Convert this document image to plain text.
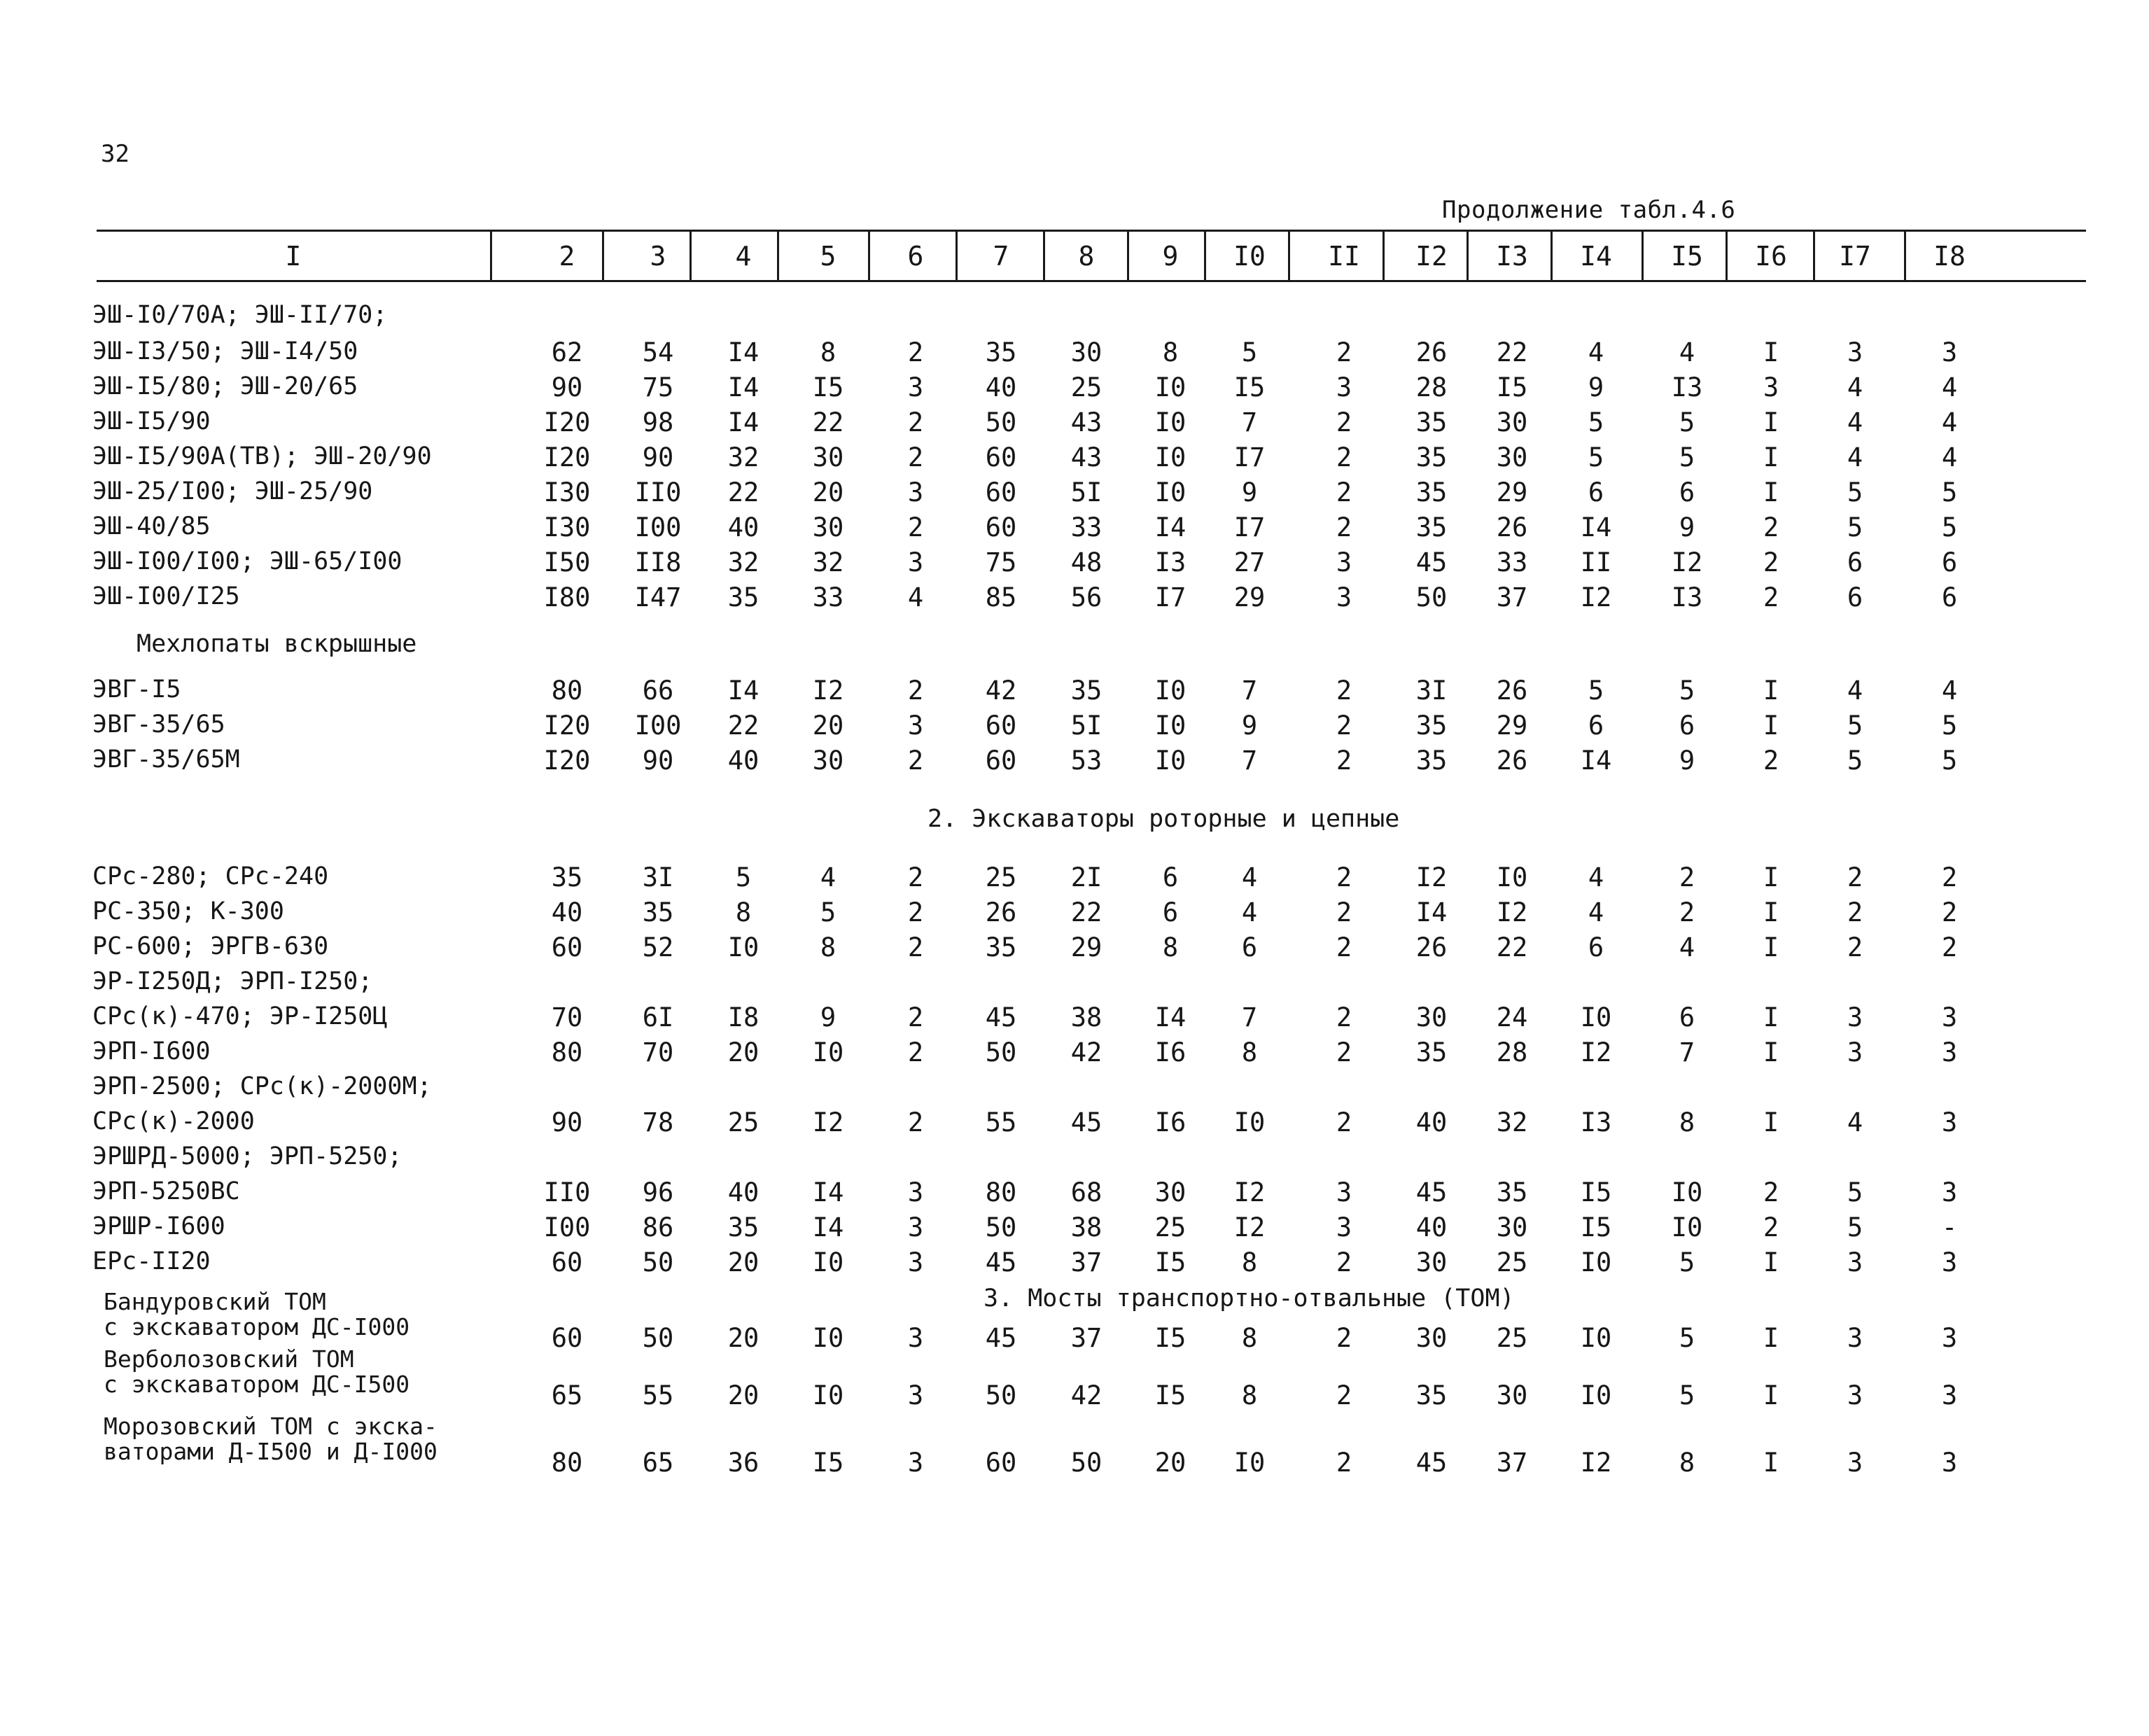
32
Продолжение табл.4.6
I	2	3	4	5	6	7	8	9	I0	II	I2	I3	I4	I5	I6	I7	I8
ЭШ-I0/70А; ЭШ-II/70;
ЭШ-I3/50; ЭШ-I4/50	62 54 I4 8	2 35 30 8 5	2 26 22 4	4	I	3	3
ЭШ-I5/80; ЭШ-20/65	90 75 I4 I5 3 40 25 I0 I5	3 28 I5 9	I3 3	4	4
ЭШ-I5/90	I20 98 I4 22 2 50 43 I0 7	2 35 30 5	5	I	4	4
ЭШ-I5/90А(ТВ); ЭШ-20/90	I20 90 32 30 2 60 43 I0 I7	2 35 30 5	5	I	4	4
ЭШ-25/I00; ЭШ-25/90	I30 II0 22 20 3 60 5I I0 9	2 35 29 6	6	I	5	5
ЭШ-40/85	I30 I00 40 30 2 60 33 I4 I7	2 35 26 I4	9	2	5	5
ЭШ-I00/I00; ЭШ-65/I00	I50 II8 32 32 3 75 48 I3 27	3 45 33 II I2 2	6	6
ЭШ-I00/I25	I80 I47 35 33 4 85 56 I7 29	3 50 37 I2 I3 2	6	6
Мехлопаты вскрышные
ЭВГ-I5	80 66 I4 I2 2 42 35 I0 7	2 3I 26 5	5	I	4	4
ЭВГ-35/65	I20 I00 22 20 3 60 5I I0 9	2 35 29 6	6	I	5	5
ЭВГ-35/65М	I20 90 40 30 2 60 53 I0 7	2 35 26 I4	9	2	5	5
2. Экскаваторы роторные и цепные
СРс-280; СРс-240	35 3I 5	4	2 25 2I 6 4	2 I2 I0 4	2	I	2	2
РС-350; К-300	40 35 8	5	2 26 22 6 4	2 I4 I2 4	2	I	2	2
РС-600; ЭРГВ-630	60 52 I0 8	2 35 29 8 6	2 26 22 6	4	I	2	2
ЭР-I250Д; ЭРП-I250;
СРс(к)-470; ЭР-I250Ц	70 6I I8 9	2 45 38 I4 7	2 30 24 I0	6	I	3	3
ЭРП-I600	80 70 20 I0 2 50 42 I6 8	2 35 28 I2	7	I	3	3
ЭРП-2500; СРс(к)-2000М;
СРс(к)-2000	90 78 25 I2 2 55 45 I6 I0	2 40 32 I3	8	I	4	3
ЭРШРД-5000; ЭРП-5250;
ЭРП-5250ВС	II0 96 40 I4 3 80 68 30 I2	3 45 35 I5 I0 2	5	3
ЭРШР-I600	I00 86 35 I4 3 50 38 25 I2	3 40 30 I5 I0 2	5	-
ЕРс-II20	60 50 20 I0 3 45 37 I5 8	2 30 25 I0	5	I	3	3
3. Мосты транспортно-отвальные (ТОМ)
Бандуровский ТОМ
с экскаватором ДС-I000	60 50 20 I0 3 45 37 I5 8	2 30 25 I0	5	I	3	3
Верболозовский ТОМ
с экскаватором ДС-I500	65 55 20 I0 3 50 42 I5 8	2 35 30 I0	5	I	3	3
Морозовский ТОМ с экска-
ваторами Д-I500 и Д-I000	80 65 36 I5 3 60 50 20 I0	2 45 37 I2	8	I	3	3
